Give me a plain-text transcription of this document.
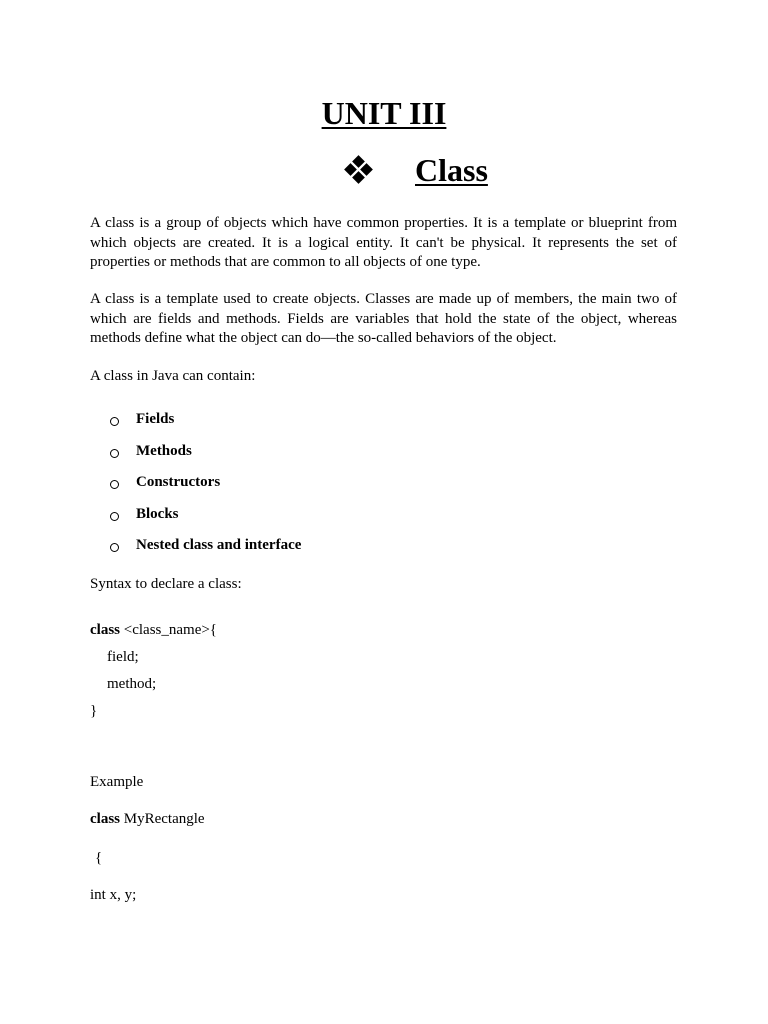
UNIT III
Class

A class is a group of objects which have common properties. It is a template or blueprint from which objects are created. It is a logical entity. It can't be physical. It represents the set of properties or methods that are common to all objects of one type.

A class is a template used to create objects. Classes are made up of members, the main two of which are fields and methods. Fields are variables that hold the state of the object, whereas methods define what the object can do—the so-called behaviors of the object.

A class in Java can contain:

Fields
Methods
Constructors
Blocks
Nested class and interface
Syntax to declare a class:
class <class_name>{
field;
method;
}
Example
class MyRectangle
{
int x, y;
